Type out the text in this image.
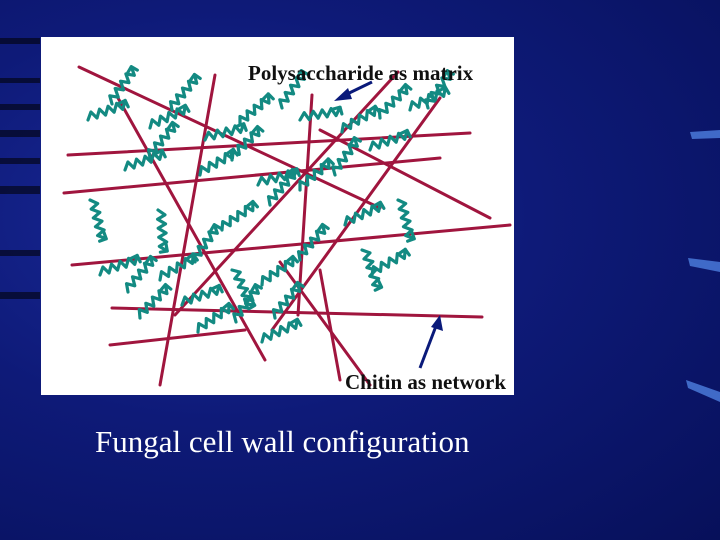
Polysaccharide as matrix
Chitin as network
Fungal cell wall configuration
